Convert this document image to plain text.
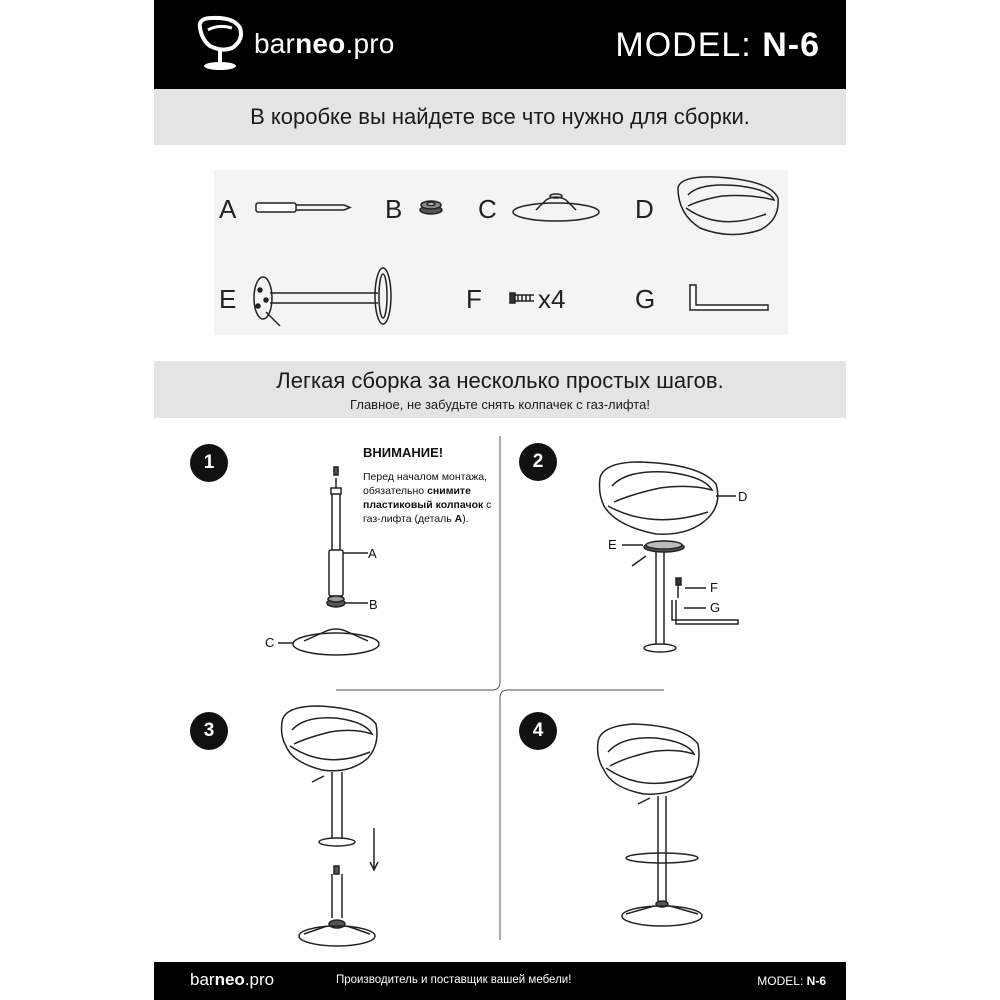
barneo.pro	MODEL: N-6
В коробке вы найдете все что нужно для сборки.
A	B	C	D
E	F x4	G
Легкая сборка за несколько простых шагов.
Главное, не забудьте снять колпачек с газ-лифта!
ВНИМАНИЕ!
Перед началом монтажа, обязательно снимите пластиковый колпачок с газ-лифта (деталь A).
1	2
3	4
A
B
C
D
E
F
G
barneo.pro	Производитель и поставщик вашей мебели!	MODEL: N-6
